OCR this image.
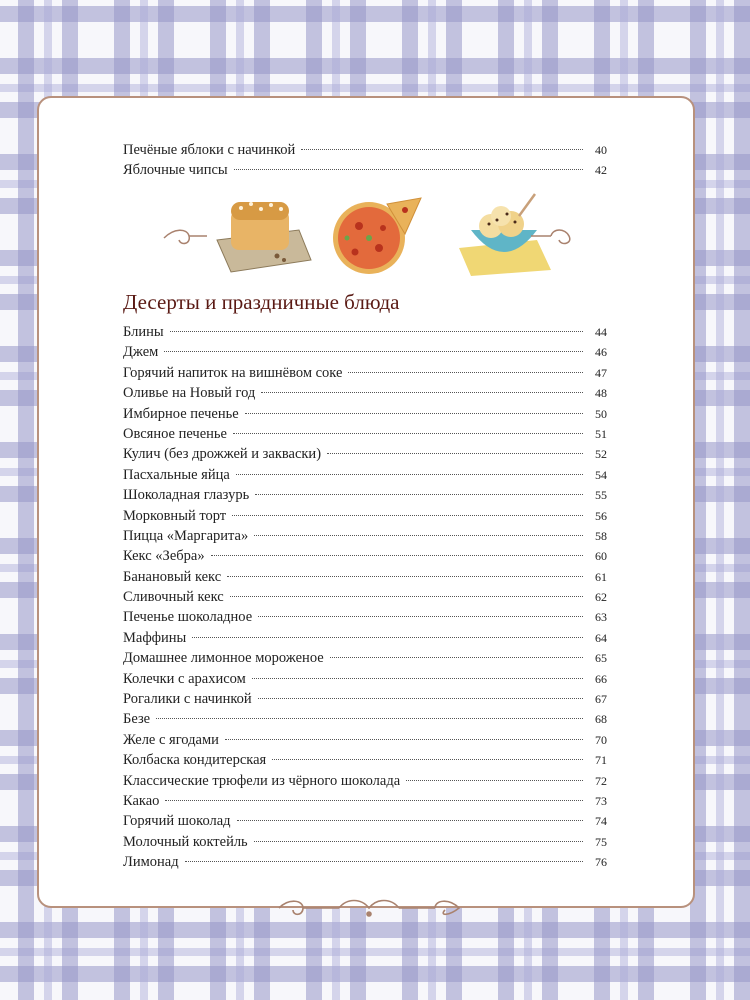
Печёные яблоки с начинкой	40
Яблочные чипсы	42
Десерты и праздничные блюда
Блины	44
Джем	46
Горячий напиток на вишнёвом соке	47
Оливье на Новый год	48
Имбирное печенье	50
Овсяное печенье	51
Кулич (без дрожжей и закваски)	52
Пасхальные яйца	54
Шоколадная глазурь	55
Морковный торт	56
Пицца «Маргарита»	58
Кекс «Зебра»	60
Банановый кекс	61
Сливочный кекс	62
Печенье шоколадное	63
Маффины	64
Домашнее лимонное мороженое	65
Колечки с арахисом	66
Рогалики с начинкой	67
Безе	68
Желе с ягодами	70
Колбаска кондитерская	71
Классические трюфели из чёрного шоколада	72
Какао	73
Горячий шоколад	74
Молочный коктейль	75
Лимонад	76
